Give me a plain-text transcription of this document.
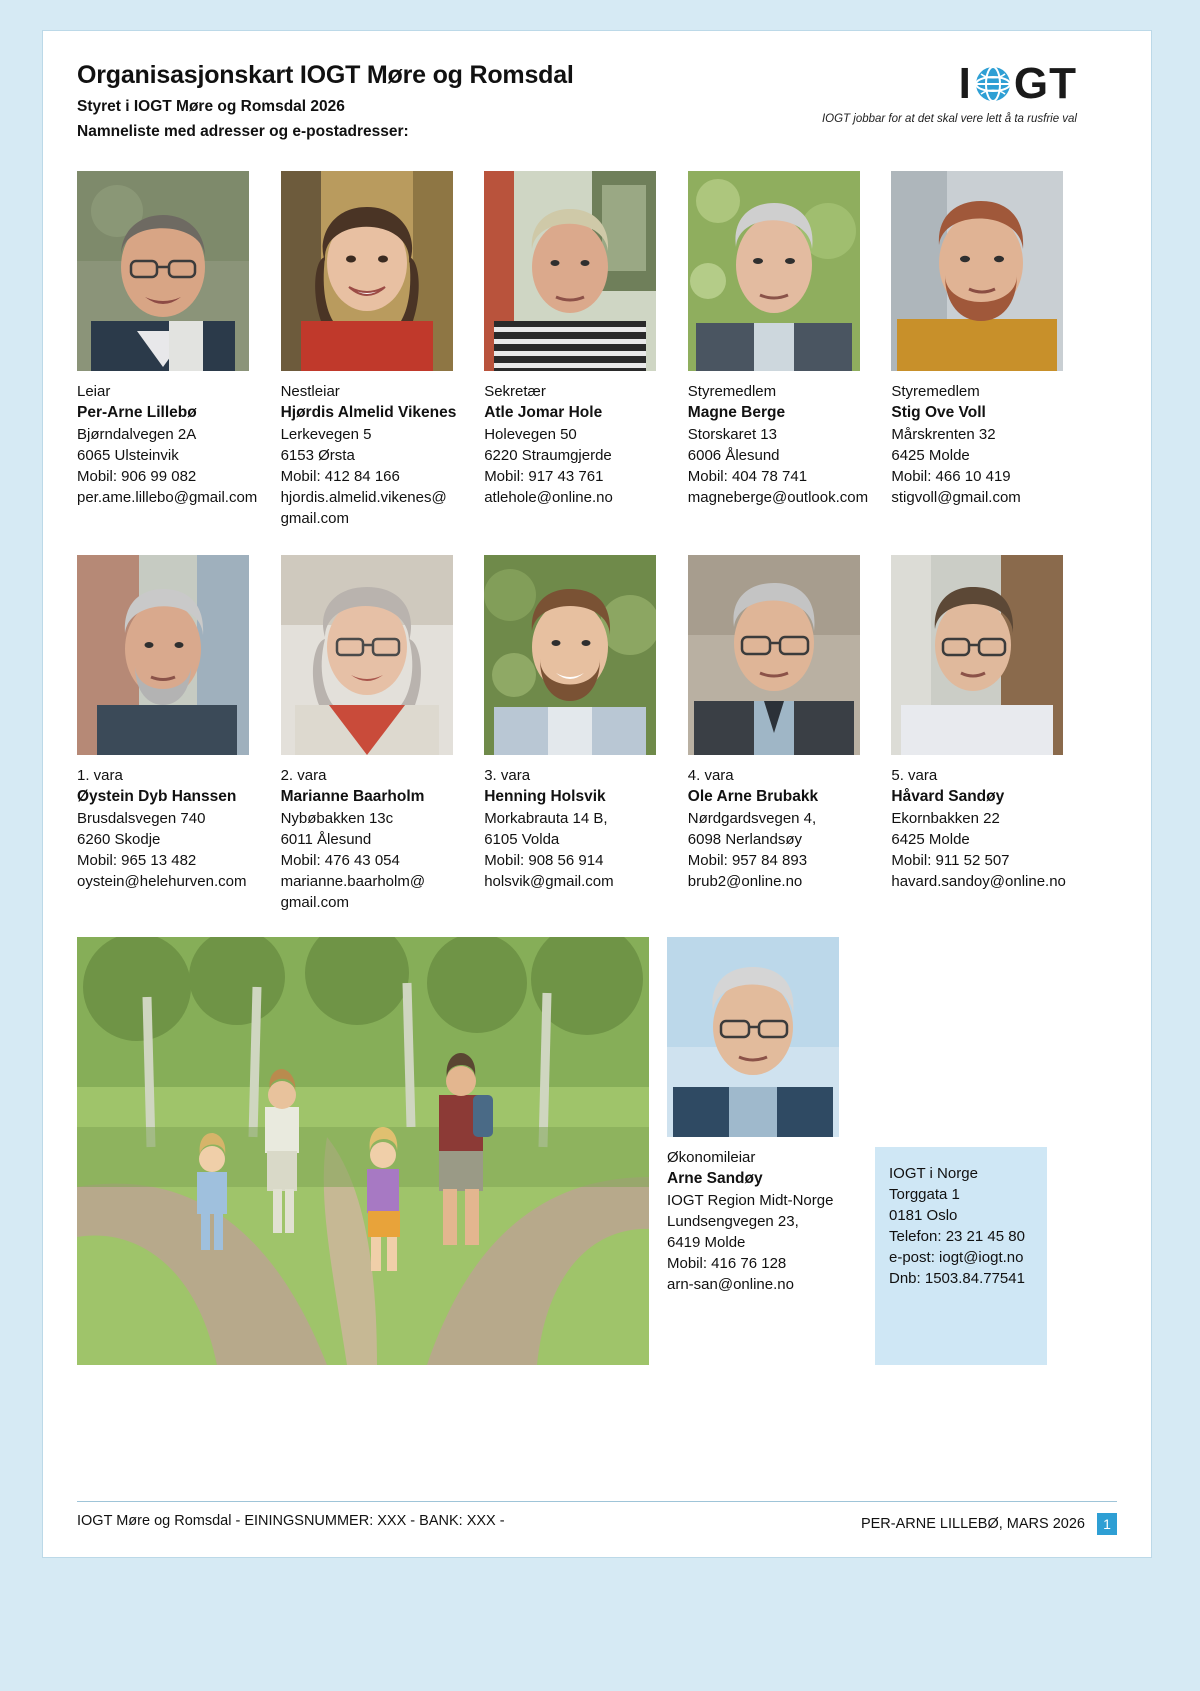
Organisasjonskart IOGT Møre og Romsdal
Styret i IOGT Møre og Romsdal 2026
Namneliste med adresser og e-postadresser:
I GT
IOGT jobbar for at det skal vere lett å ta rusfrie val
Leiar
Per-Arne Lillebø
Bjørndalvegen 2A
6065 Ulsteinvik
Mobil: 906 99 082
per.ame.lillebo@gmail.com
Nestleiar
Hjørdis Almelid Vikenes
Lerkevegen 5
6153 Ørsta
Mobil: 412 84 166
hjordis.almelid.vikenes@
gmail.com
Sekretær
Atle Jomar Hole
Holevegen 50
6220 Straumgjerde
Mobil: 917 43 761
atlehole@online.no
Styremedlem
Magne Berge
Storskaret 13
6006 Ålesund
Mobil: 404 78 741
magneberge@outlook.com
Styremedlem
Stig Ove Voll
Mårskrenten 32
6425 Molde
Mobil: 466 10 419
stigvoll@gmail.com
1. vara
Øystein Dyb Hanssen
Brusdalsvegen 740
6260 Skodje
Mobil: 965 13 482
oystein@helehurven.com
2. vara
Marianne Baarholm
Nybøbakken 13c
6011 Ålesund
Mobil: 476 43 054
marianne.baarholm@
gmail.com
3. vara
Henning Holsvik
Morkabrauta 14 B,
6105 Volda
Mobil: 908 56 914
holsvik@gmail.com
4. vara
Ole Arne Brubakk
Nørdgardsvegen 4,
6098 Nerlandsøy
Mobil: 957 84 893
brub2@online.no
5. vara
Håvard Sandøy
Ekornbakken 22
6425 Molde
Mobil: 911 52 507
havard.sandoy@online.no
Økonomileiar
Arne Sandøy
IOGT Region Midt-Norge
Lundsengvegen 23,
6419 Molde
Mobil: 416 76 128
arn-san@online.no
IOGT i Norge
Torggata 1
0181 Oslo
Telefon: 23 21 45 80
e-post: iogt@iogt.no
Dnb: 1503.84.77541
IOGT Møre og Romsdal - EININGSNUMMER: XXX - BANK: XXX -	PER-ARNE LILLEBØ, MARS 2026	1
